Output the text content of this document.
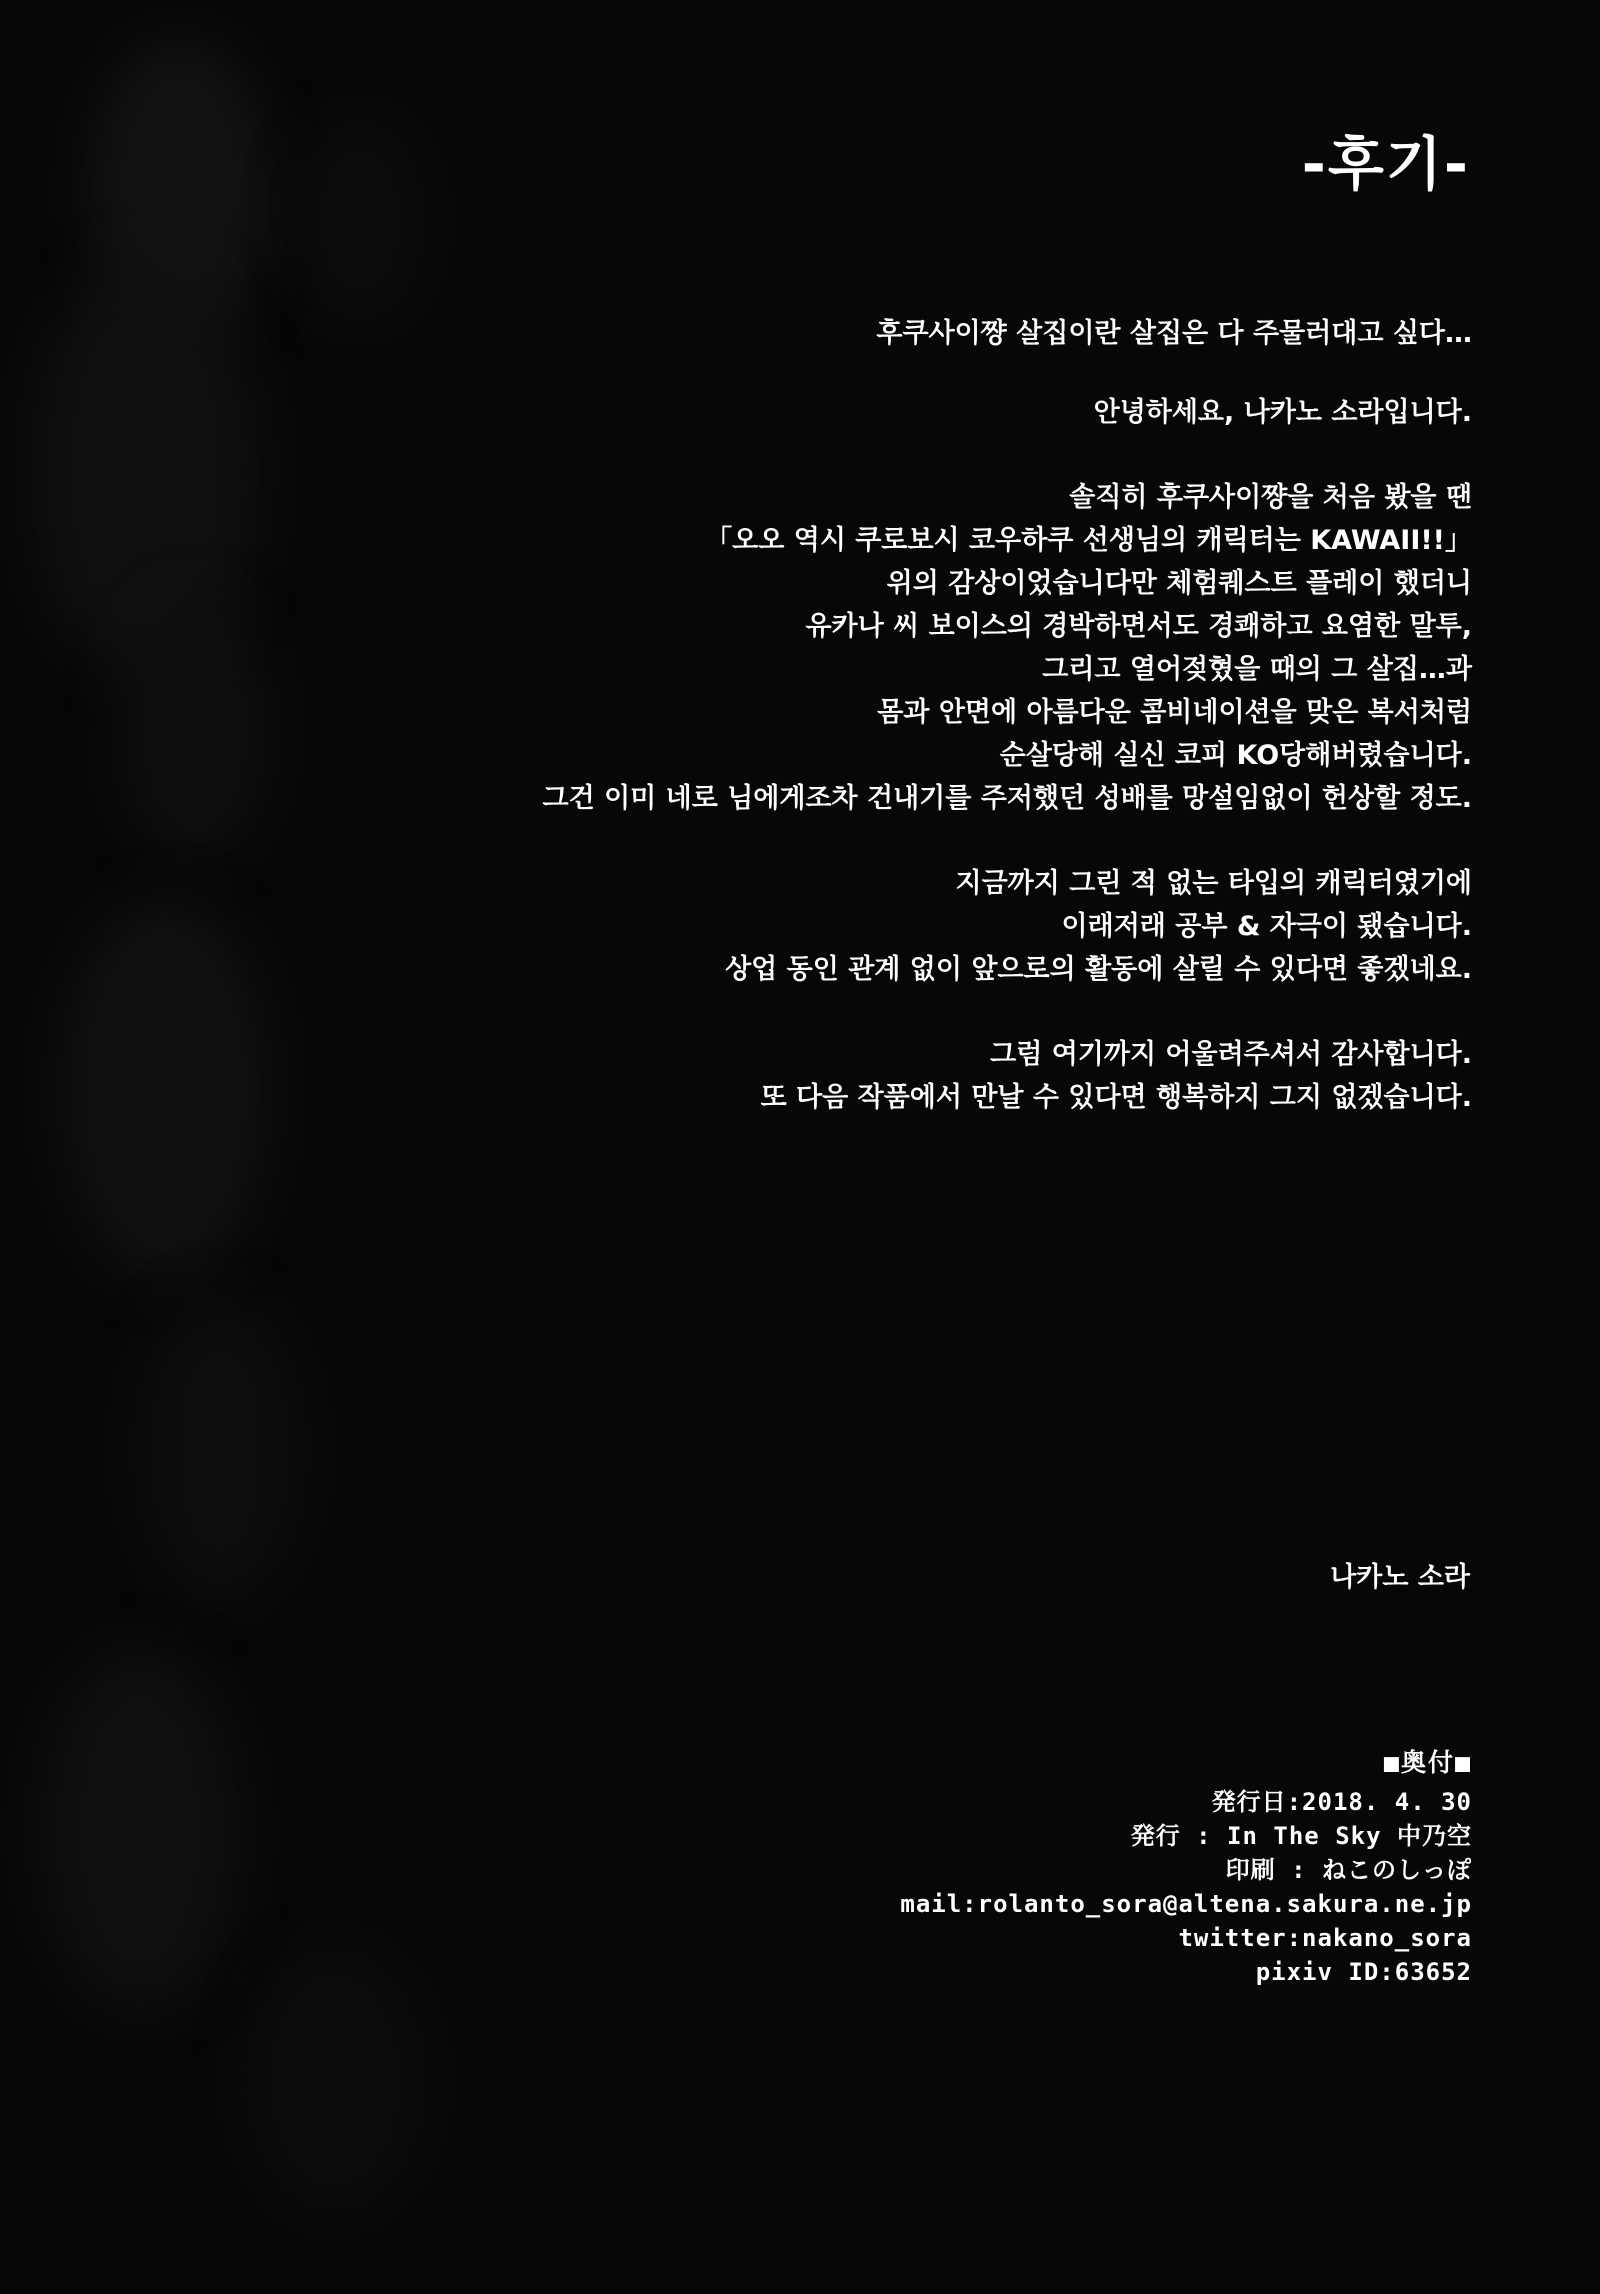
-후기-
후쿠사이쨩 살집이란 살집은 다 주물러대고 싶다…
안녕하세요, 나카노 소라입니다.
솔직히 후쿠사이쨩을 처음 봤을 땐
「오오 역시 쿠로보시 코우하쿠 선생님의 캐릭터는 KAWAII!!」
위의 감상이었습니다만 체험퀘스트 플레이 했더니
유카나 씨 보이스의 경박하면서도 경쾌하고 요염한 말투,
그리고 열어젖혔을 때의 그 살집…과
몸과 안면에 아름다운 콤비네이션을 맞은 복서처럼
순살당해 실신 코피 KO당해버렸습니다.
그건 이미 네로 님에게조차 건내기를 주저했던 성배를 망설임없이 헌상할 정도.
지금까지 그린 적 없는 타입의 캐릭터였기에
이래저래 공부 & 자극이 됐습니다.
상업 동인 관계 없이 앞으로의 활동에 살릴 수 있다면 좋겠네요.
그럼 여기까지 어울려주셔서 감사합니다.
또 다음 작품에서 만날 수 있다면 행복하지 그지 없겠습니다.
나카노 소라
■奥付■
発行日:2018. 4. 30
発行 : In The Sky 中乃空
印刷 : ねこのしっぽ
mail:rolanto_sora@altena.sakura.ne.jp
twitter:nakano_sora
pixiv ID:63652
